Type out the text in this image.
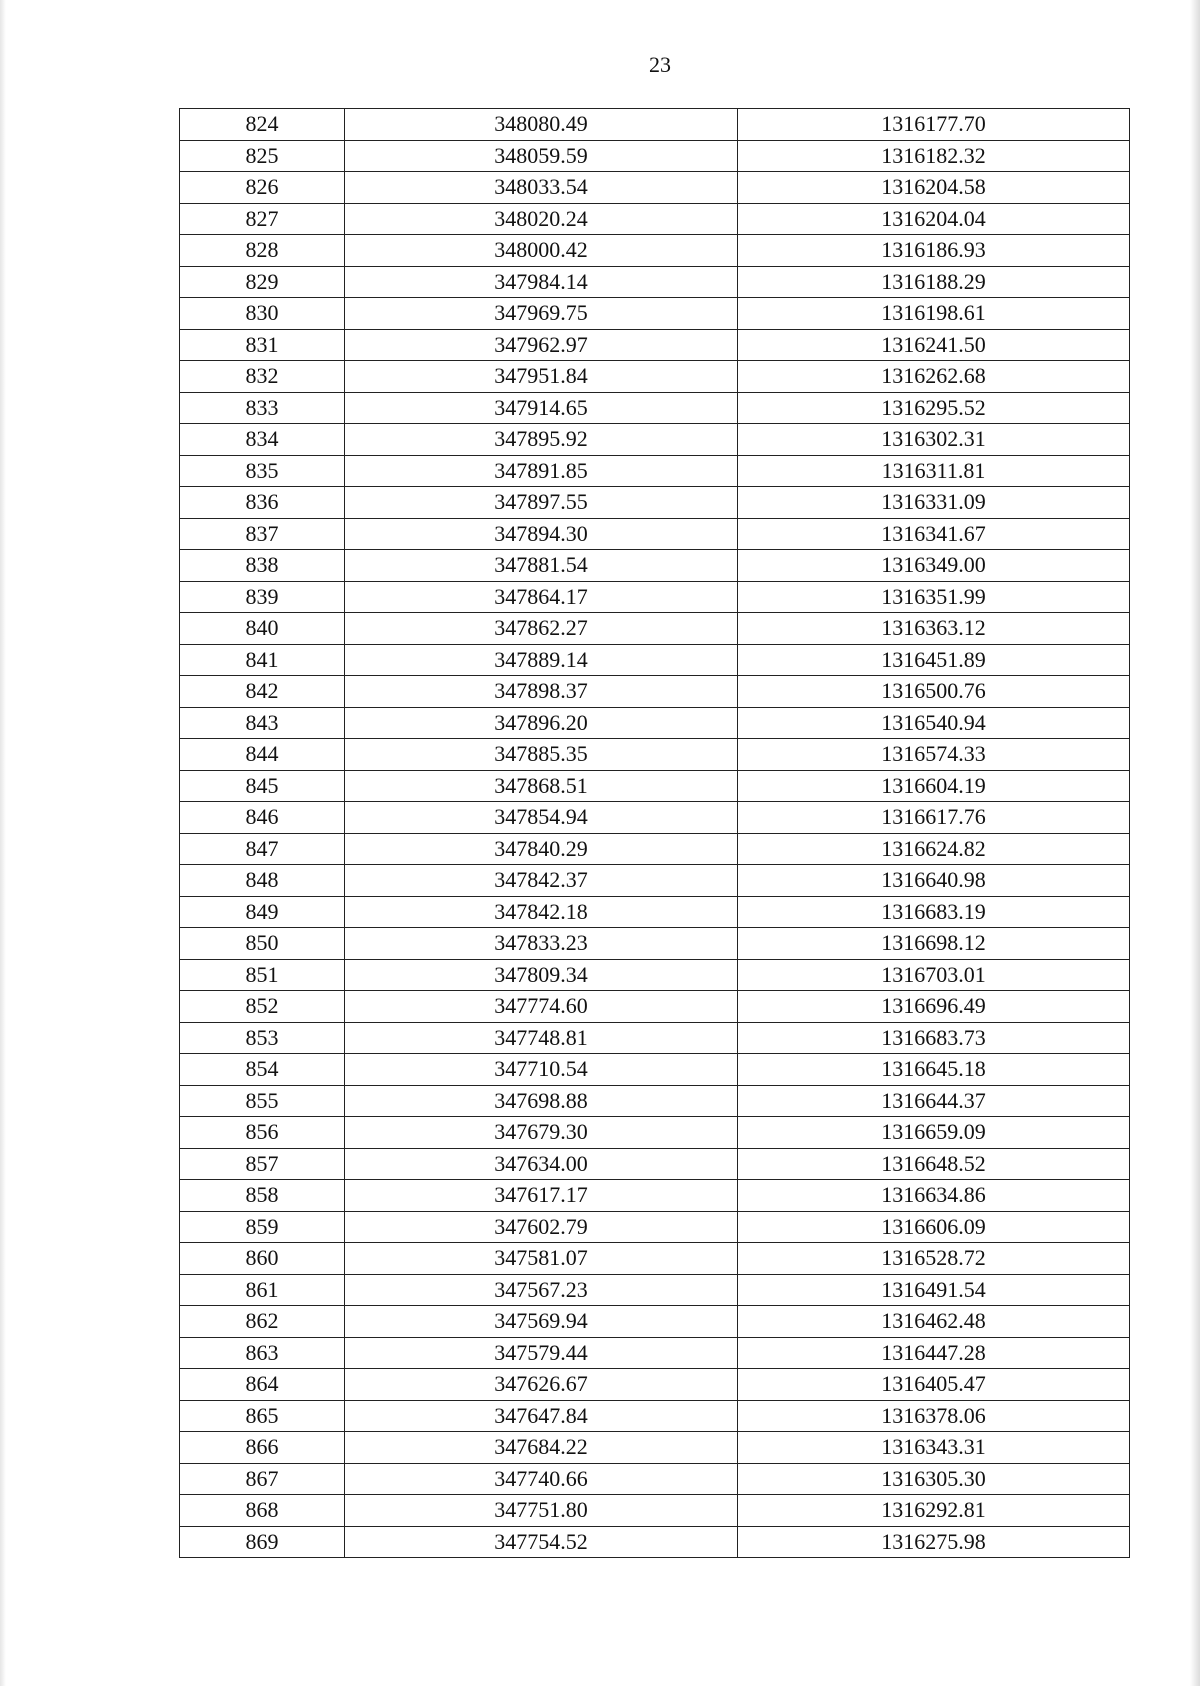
23
824	348080.49	1316177.70
825	348059.59	1316182.32
826	348033.54	1316204.58
827	348020.24	1316204.04
828	348000.42	1316186.93
829	347984.14	1316188.29
830	347969.75	1316198.61
831	347962.97	1316241.50
832	347951.84	1316262.68
833	347914.65	1316295.52
834	347895.92	1316302.31
835	347891.85	1316311.81
836	347897.55	1316331.09
837	347894.30	1316341.67
838	347881.54	1316349.00
839	347864.17	1316351.99
840	347862.27	1316363.12
841	347889.14	1316451.89
842	347898.37	1316500.76
843	347896.20	1316540.94
844	347885.35	1316574.33
845	347868.51	1316604.19
846	347854.94	1316617.76
847	347840.29	1316624.82
848	347842.37	1316640.98
849	347842.18	1316683.19
850	347833.23	1316698.12
851	347809.34	1316703.01
852	347774.60	1316696.49
853	347748.81	1316683.73
854	347710.54	1316645.18
855	347698.88	1316644.37
856	347679.30	1316659.09
857	347634.00	1316648.52
858	347617.17	1316634.86
859	347602.79	1316606.09
860	347581.07	1316528.72
861	347567.23	1316491.54
862	347569.94	1316462.48
863	347579.44	1316447.28
864	347626.67	1316405.47
865	347647.84	1316378.06
866	347684.22	1316343.31
867	347740.66	1316305.30
868	347751.80	1316292.81
869	347754.52	1316275.98
